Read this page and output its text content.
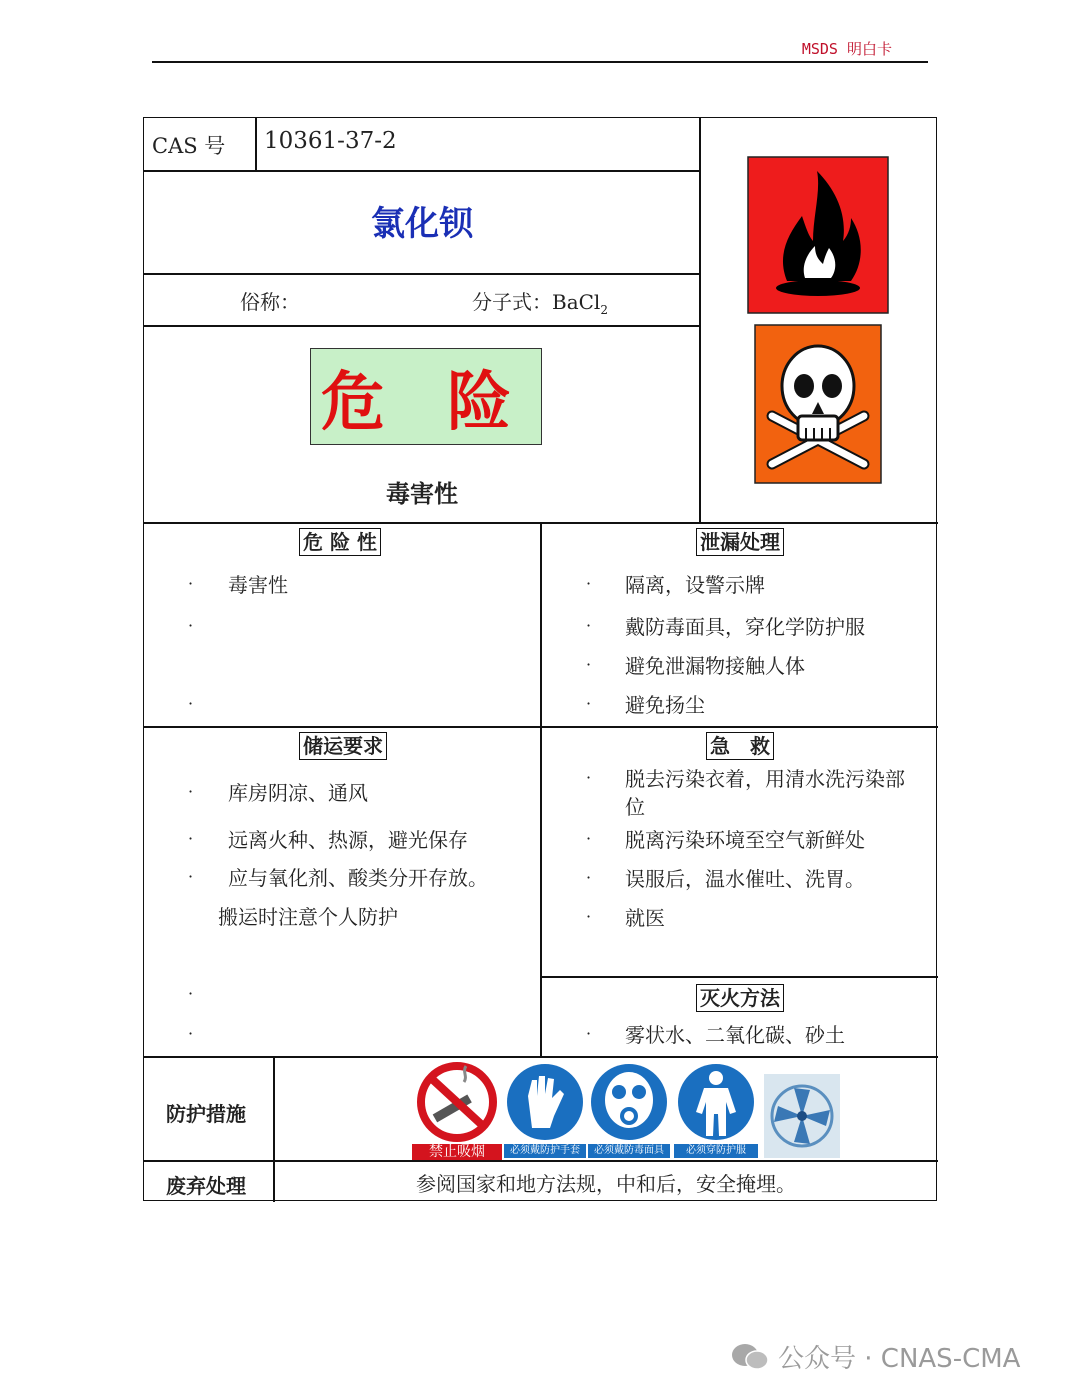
MSDS 明白卡
CAS 号 10361-37-2
氯化钡
俗称：	分子式：BaCl$_2$
危 险
毒害性
危 险 性
· 毒害性
·
·
泄漏处理
· 隔离，设警示牌
· 戴防毒面具，穿化学防护服
· 避免泄漏物接触人体
· 避免扬尘
储运要求
· 库房阴凉、通风
· 远离火种、热源，避光保存
· 应与氧化剂、酸类分开存放。
搬运时注意个人防护
·
·
急　救
· 脱去污染衣着，用清水洗污染部
位
· 脱离污染环境至空气新鲜处
· 误服后，温水催吐、洗胃。
· 就医
灭火方法
· 雾状水、二氧化碳、砂土
防护措施
禁止吸烟	必须戴防护手套	必须戴防毒面具	必须穿防护服
废弃处理	参阅国家和地方法规，中和后，安全掩埋。
公众号 · CNAS-CMA
